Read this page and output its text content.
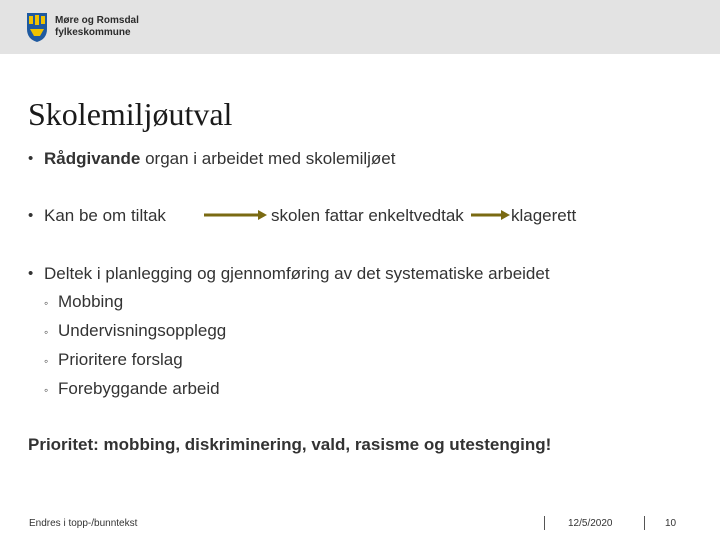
Møre og Romsdal
fylkeskommune
Skolemiljøutval
• Rådgivande organ i arbeidet med skolemiljøet
• Kan be om tiltak	skolen fattar enkeltvedtak	klagerett
• Deltek i planlegging og gjennomføring av det systematiske arbeidet
◦ Mobbing
◦ Undervisningsopplegg
◦ Prioritere forslag
◦ Forebyggande arbeid
Prioritet: mobbing, diskriminering, vald, rasisme og utestenging!
Endres i topp-/bunntekst	12/5/2020	10
